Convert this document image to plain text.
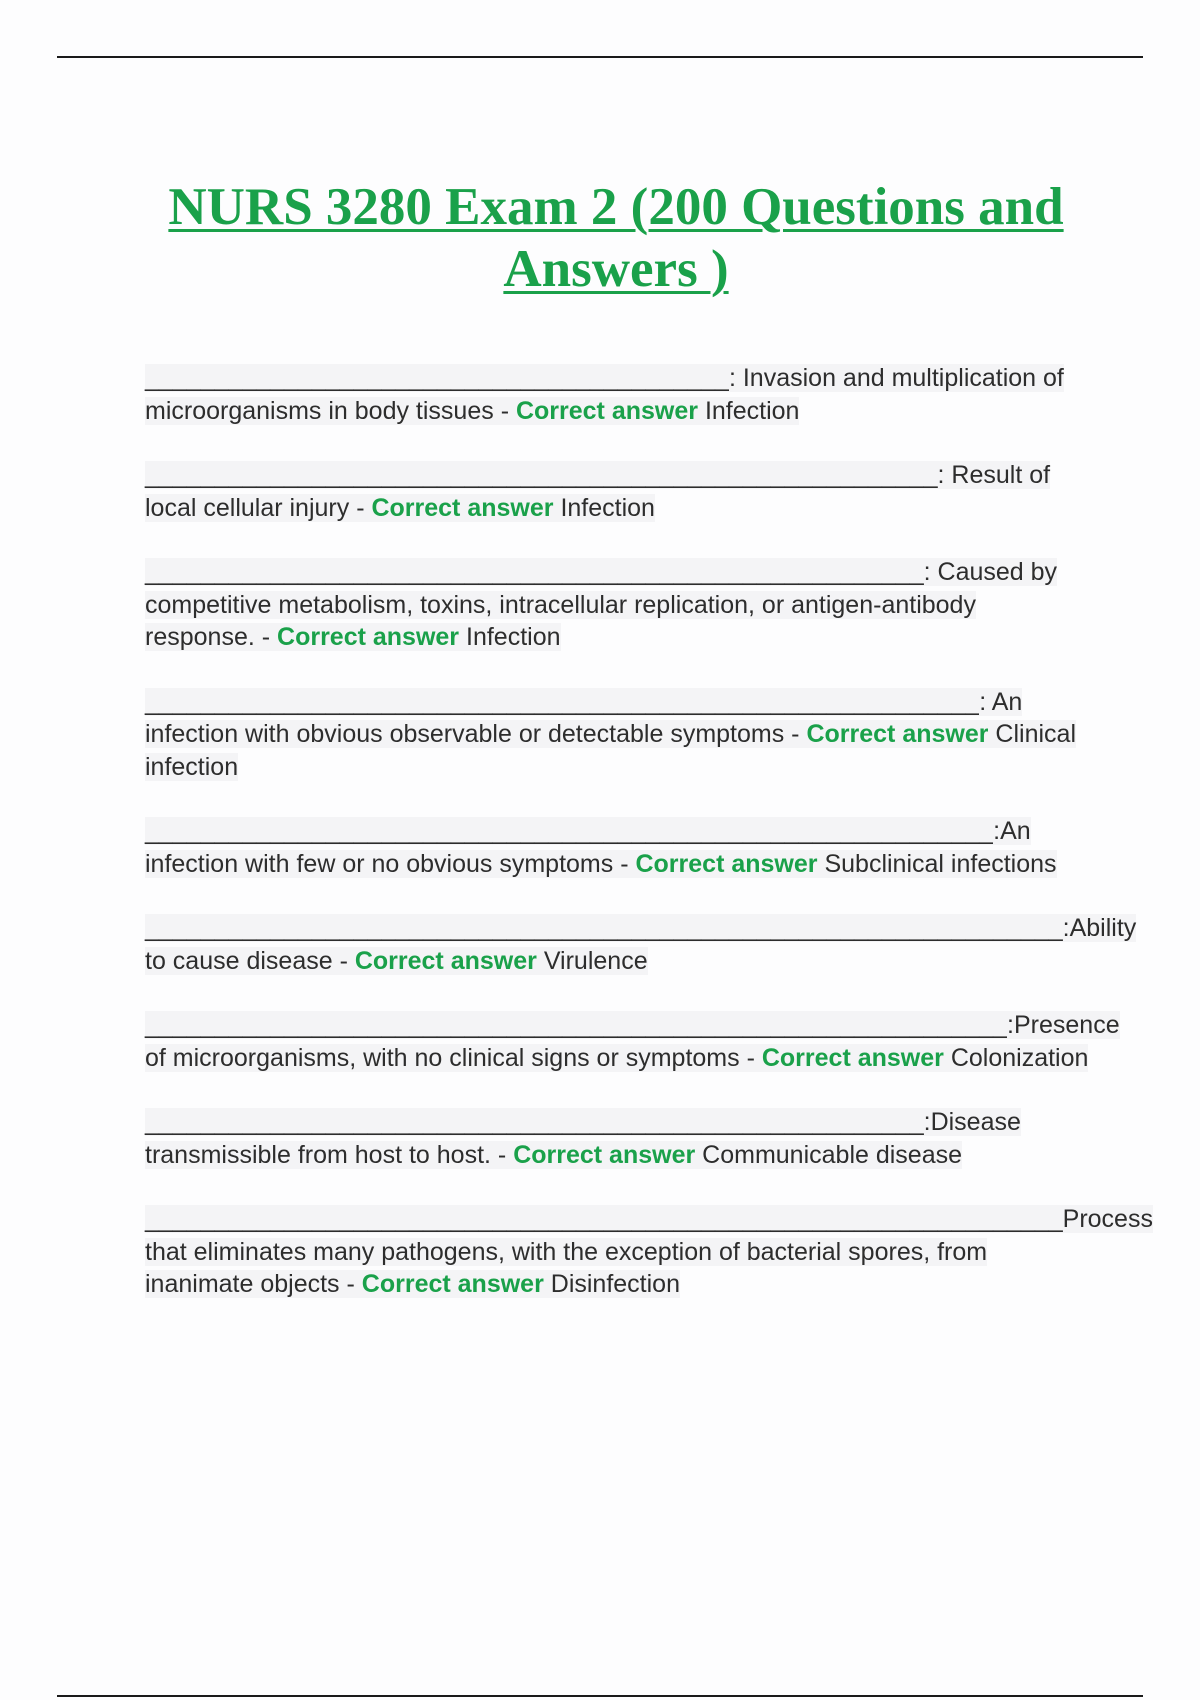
NURS 3280 Exam 2 (200 Questions and Answers )

__________________________________________: Invasion and multiplication of microorganisms in body tissues - Correct answer Infection

_________________________________________________________: Result of local cellular injury - Correct answer Infection

________________________________________________________: Caused by competitive metabolism, toxins, intracellular replication, or antigen-antibody response. - Correct answer Infection

____________________________________________________________: An infection with obvious observable or detectable symptoms - Correct answer Clinical infection

_____________________________________________________________:An infection with few or no obvious symptoms - Correct answer Subclinical infections

__________________________________________________________________:Ability to cause disease - Correct answer Virulence

______________________________________________________________:Presence of microorganisms, with no clinical signs or symptoms - Correct answer Colonization

________________________________________________________:Disease transmissible from host to host. - Correct answer Communicable disease

__________________________________________________________________Process that eliminates many pathogens, with the exception of bacterial spores, from inanimate objects - Correct answer Disinfection
